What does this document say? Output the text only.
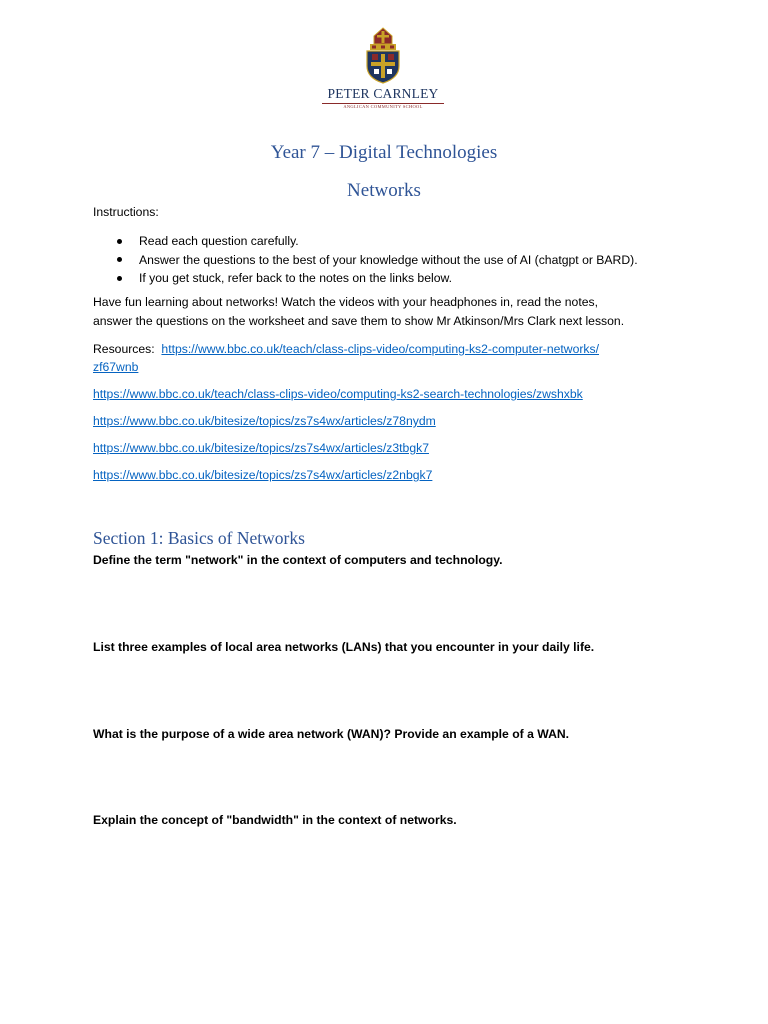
PETER CARNLEY
ANGLICAN COMMUNITY SCHOOL
Year 7 – Digital Technologies
Networks
Instructions:
Read each question carefully.
Answer the questions to the best of your knowledge without the use of AI (chatgpt or BARD).
If you get stuck, refer back to the notes on the links below.
Have fun learning about networks! Watch the videos with your headphones in, read the notes,
answer the questions on the worksheet and save them to show Mr Atkinson/Mrs Clark next lesson.
Resources: https://www.bbc.co.uk/teach/class-clips-video/computing-ks2-computer-networks/
zf67wnb
https://www.bbc.co.uk/teach/class-clips-video/computing-ks2-search-technologies/zwshxbk
https://www.bbc.co.uk/bitesize/topics/zs7s4wx/articles/z78nydm
https://www.bbc.co.uk/bitesize/topics/zs7s4wx/articles/z3tbgk7
https://www.bbc.co.uk/bitesize/topics/zs7s4wx/articles/z2nbgk7
Section 1: Basics of Networks
Define the term "network" in the context of computers and technology.
List three examples of local area networks (LANs) that you encounter in your daily life.
What is the purpose of a wide area network (WAN)? Provide an example of a WAN.
Explain the concept of "bandwidth" in the context of networks.
